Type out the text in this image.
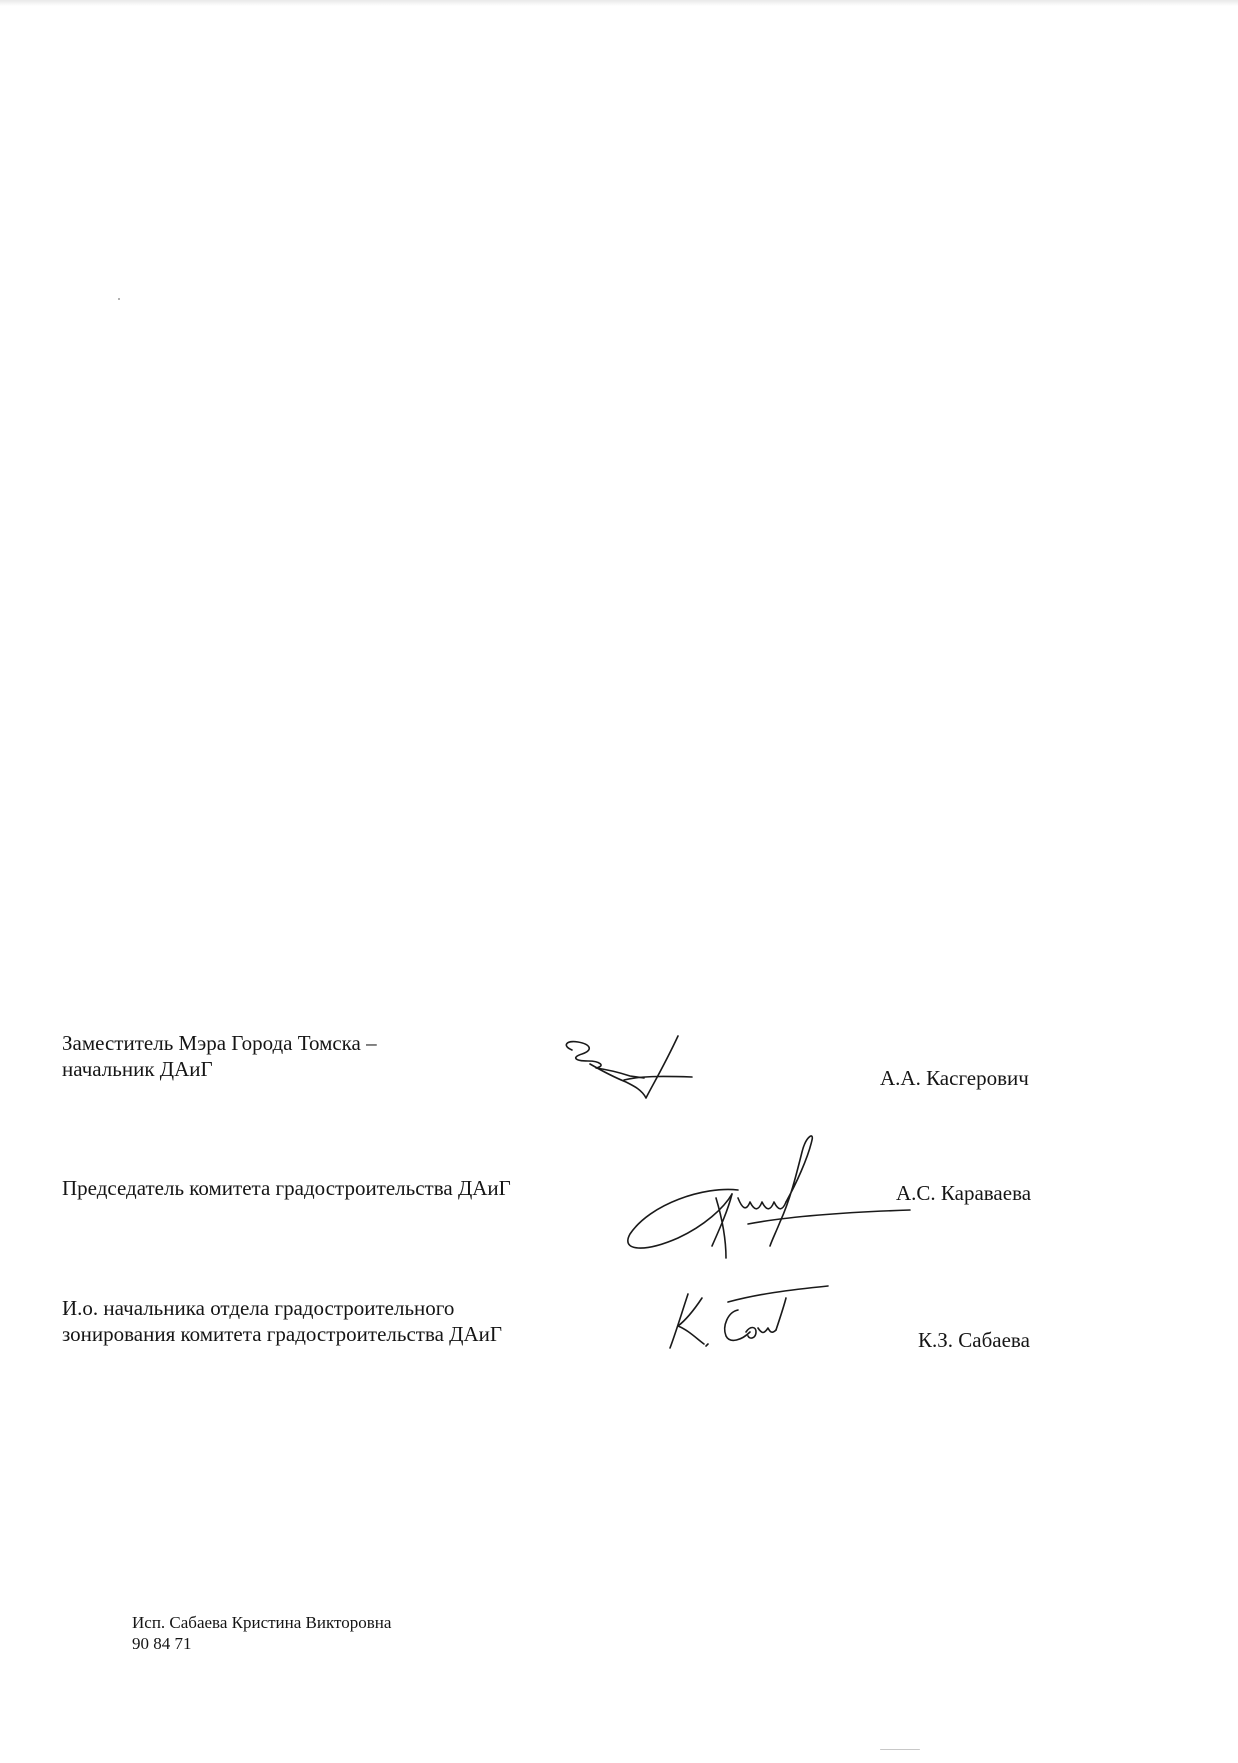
Заместитель Мэра Города Томска –
начальник ДАиГ	А.А. Касгерович
Председатель комитета градостроительства ДАиГ	А.С. Караваева
И.о. начальника отдела градостроительного
зонирования комитета градостроительства ДАиГ	К.З. Сабаева
Исп. Сабаева Кристина Викторовна
90 84 71
